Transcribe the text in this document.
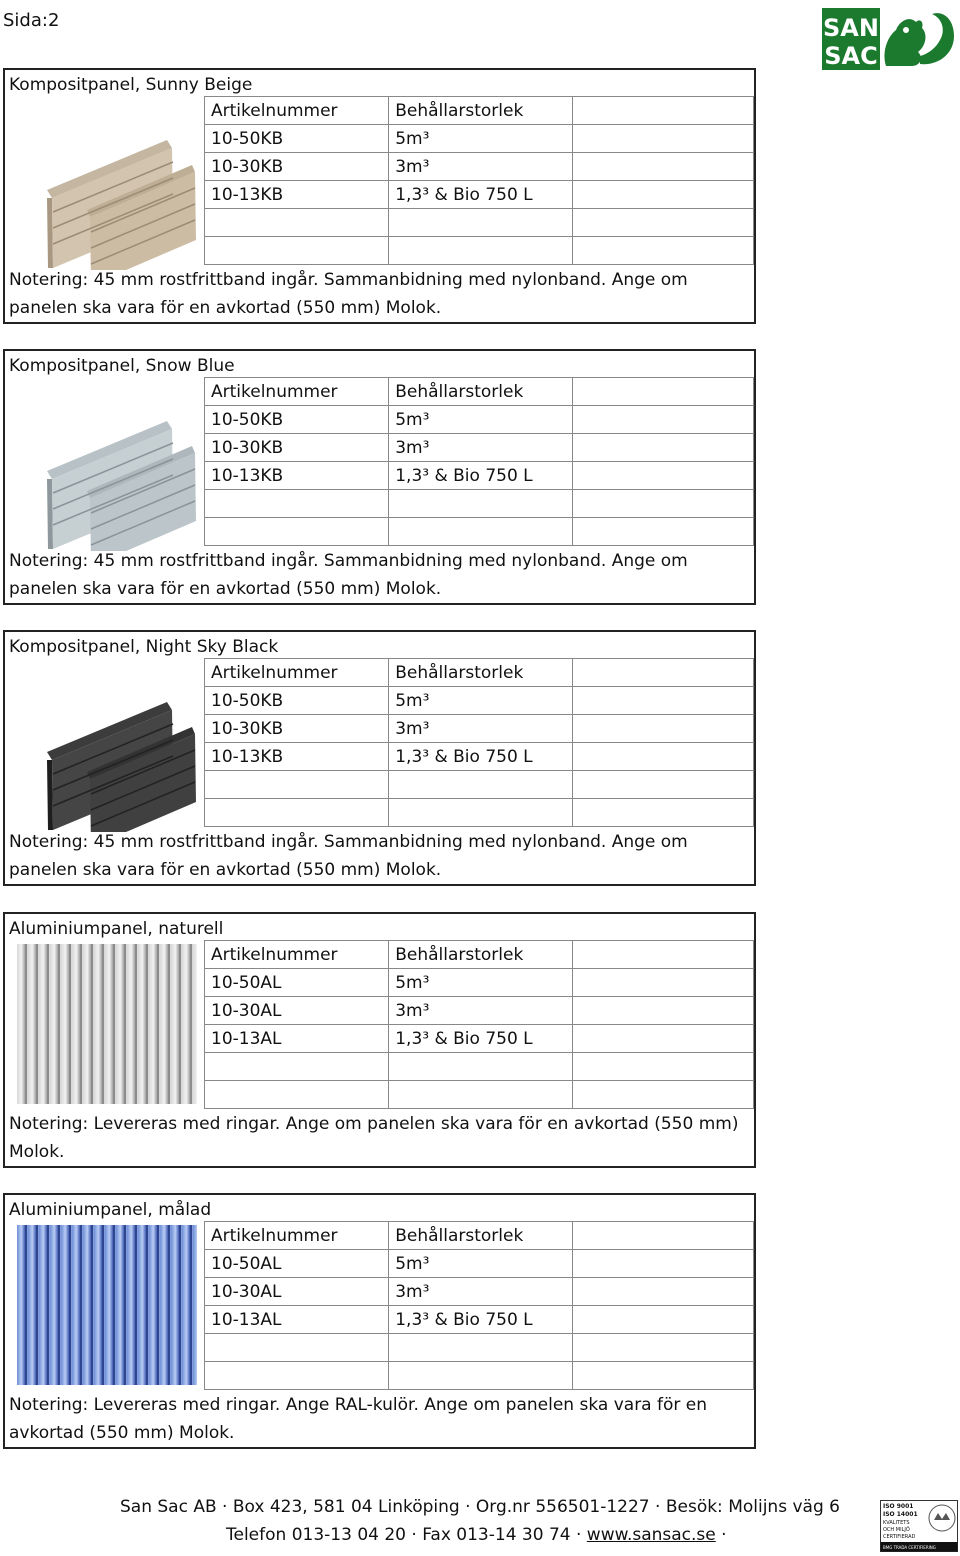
Sida:2	SAN
SAC
Kompositpanel, Sunny Beige
Artikelnummer	Behållarstorlek	
10-50KB	5m³	
10-30KB	3m³	
10-13KB	1,3³ & Bio 750 L	

Notering: 45 mm rostfrittband ingår. Sammanbidning med nylonband. Ange om panelen ska vara för en avkortad (550 mm) Molok.
Kompositpanel, Snow Blue
Artikelnummer	Behållarstorlek	
10-50KB	5m³	
10-30KB	3m³	
10-13KB	1,3³ & Bio 750 L	

Notering: 45 mm rostfrittband ingår. Sammanbidning med nylonband. Ange om panelen ska vara för en avkortad (550 mm) Molok.
Kompositpanel, Night Sky Black
Artikelnummer	Behållarstorlek	
10-50KB	5m³	
10-30KB	3m³	
10-13KB	1,3³ & Bio 750 L	

Notering: 45 mm rostfrittband ingår. Sammanbidning med nylonband. Ange om panelen ska vara för en avkortad (550 mm) Molok.
Aluminiumpanel, naturell
Artikelnummer	Behållarstorlek	
10-50AL	5m³	
10-30AL	3m³	
10-13AL	1,3³ & Bio 750 L	

Notering: Levereras med ringar. Ange om panelen ska vara för en avkortad (550 mm) Molok.
Aluminiumpanel, målad
Artikelnummer	Behållarstorlek	
10-50AL	5m³	
10-30AL	3m³	
10-13AL	1,3³ & Bio 750 L	

Notering: Levereras med ringar. Ange RAL-kulör. Ange om panelen ska vara för en avkortad (550 mm) Molok.
San Sac AB · Box 423, 581 04 Linköping · Org.nr 556501-1227 · Besök: Molijns väg 6
Telefon 013-13 04 20 · Fax 013-14 30 74 · www.sansac.se ·
ISO 9001
ISO 14001
KVALITETS
OCH MILJÖ
CERTIFIERAD
BMG TRADA CERTIFIERING
